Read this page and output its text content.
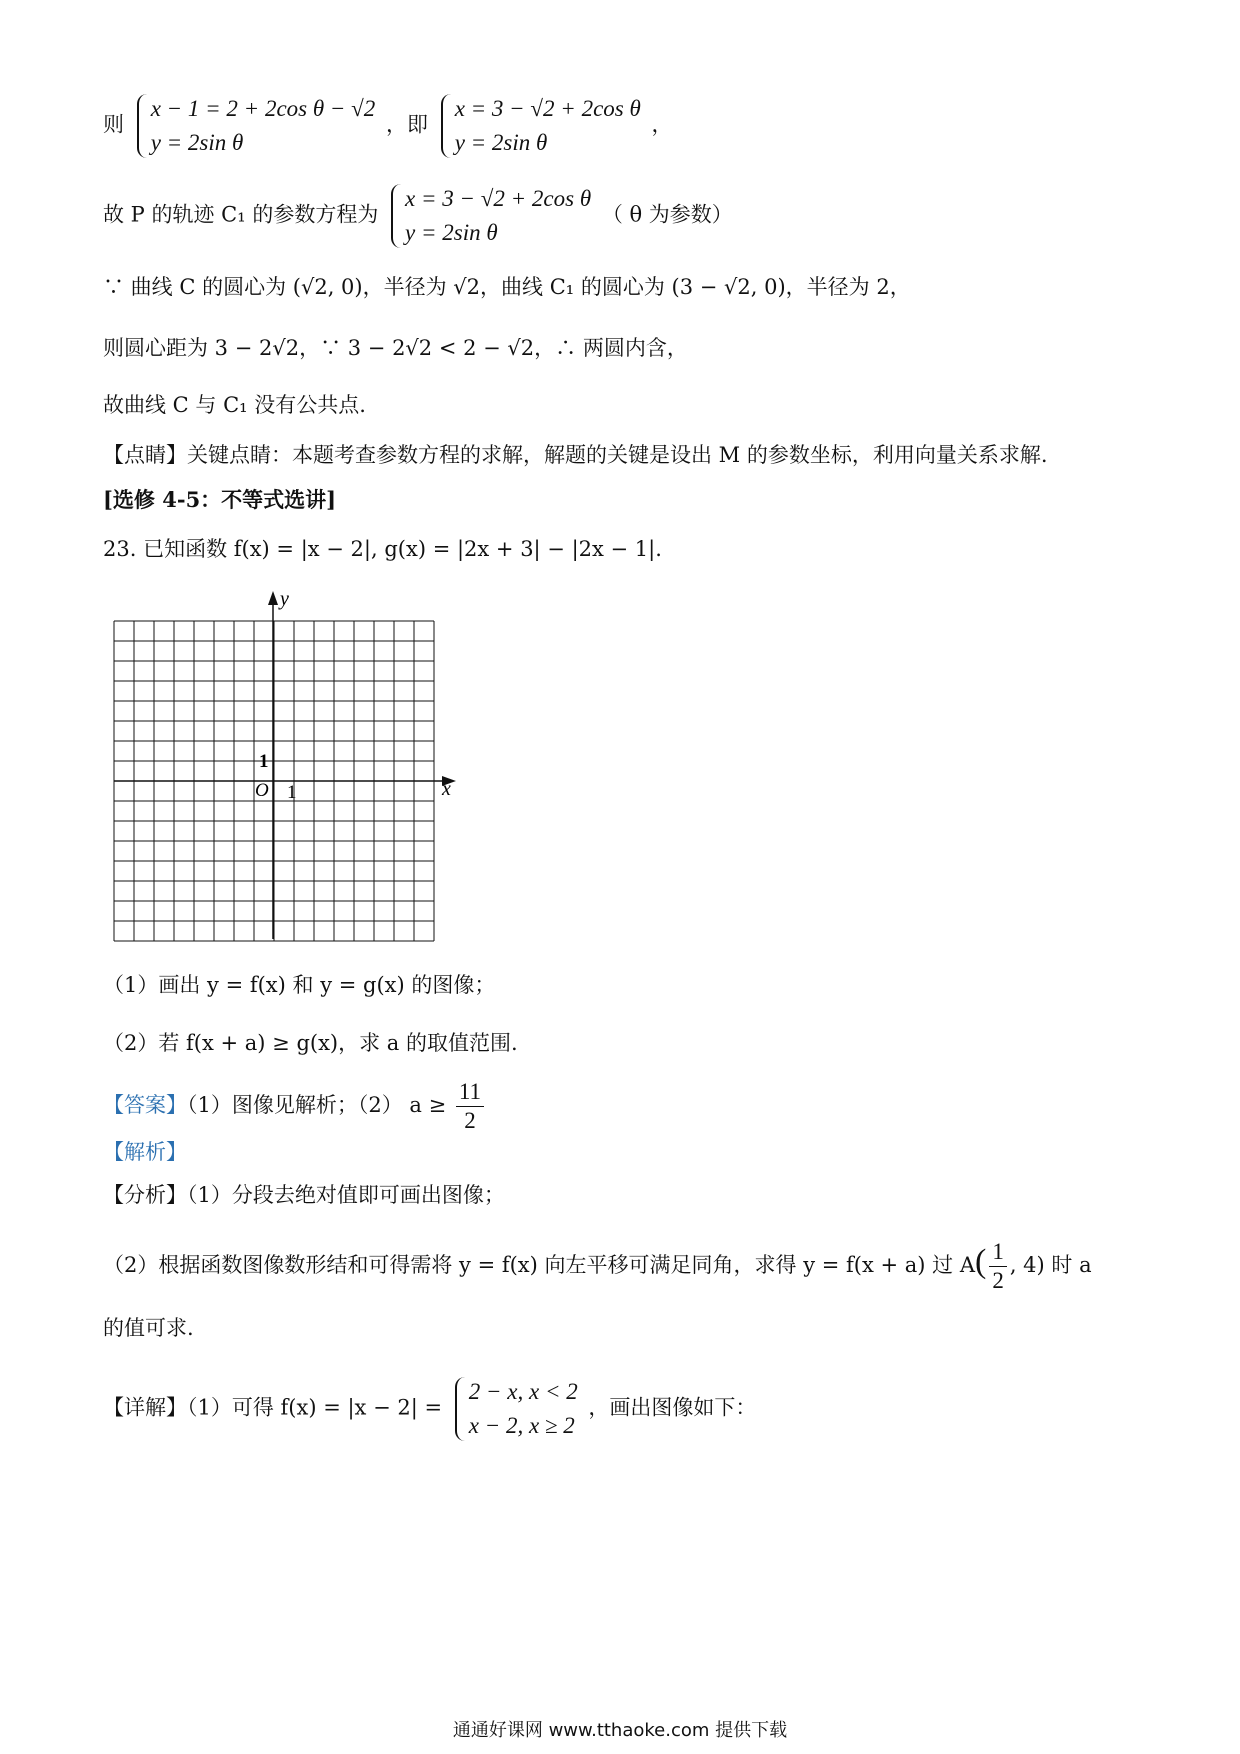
则
x − 1 = 2 + 2cos θ − √2
y = 2sin θ
，即
x = 3 − √2 + 2cos θ
y = 2sin θ
，
故 P 的轨迹 C₁ 的参数方程为
x = 3 − √2 + 2cos θ
y = 2sin θ
（ θ 为参数）
∵ 曲线 C 的圆心为 (√2, 0)，半径为 √2，曲线 C₁ 的圆心为 (3 − √2, 0)，半径为 2，
则圆心距为 3 − 2√2，∵ 3 − 2√2 < 2 − √2，∴ 两圆内含，
故曲线 C 与 C₁ 没有公共点.
【点睛】关键点睛：本题考查参数方程的求解，解题的关键是设出 M 的参数坐标，利用向量关系求解.
[选修 4-5：不等式选讲]
23. 已知函数 f(x) = |x − 2|, g(x) = |2x + 3| − |2x − 1|.
x
y
O 1
1
（1）画出 y = f(x) 和 y = g(x) 的图像；
（2）若 f(x + a) ≥ g(x)，求 a 的取值范围.
【答案】（1）图像见解析；（2） $a \ge \frac{11}{2}$
【解析】
【分析】（1）分段去绝对值即可画出图像；
（2）根据函数图像数形结和可得需将 y = f(x) 向左平移可满足同角，求得 y = f(x + a) 过 $A( \frac{1}{2}$ , 4) 时 a
的值可求.
【详解】（1）可得 f(x) = |x − 2| =
2 − x, x < 2
x − 2, x ≥ 2
，画出图像如下：
通通好课网 www.tthaoke.com 提供下载
